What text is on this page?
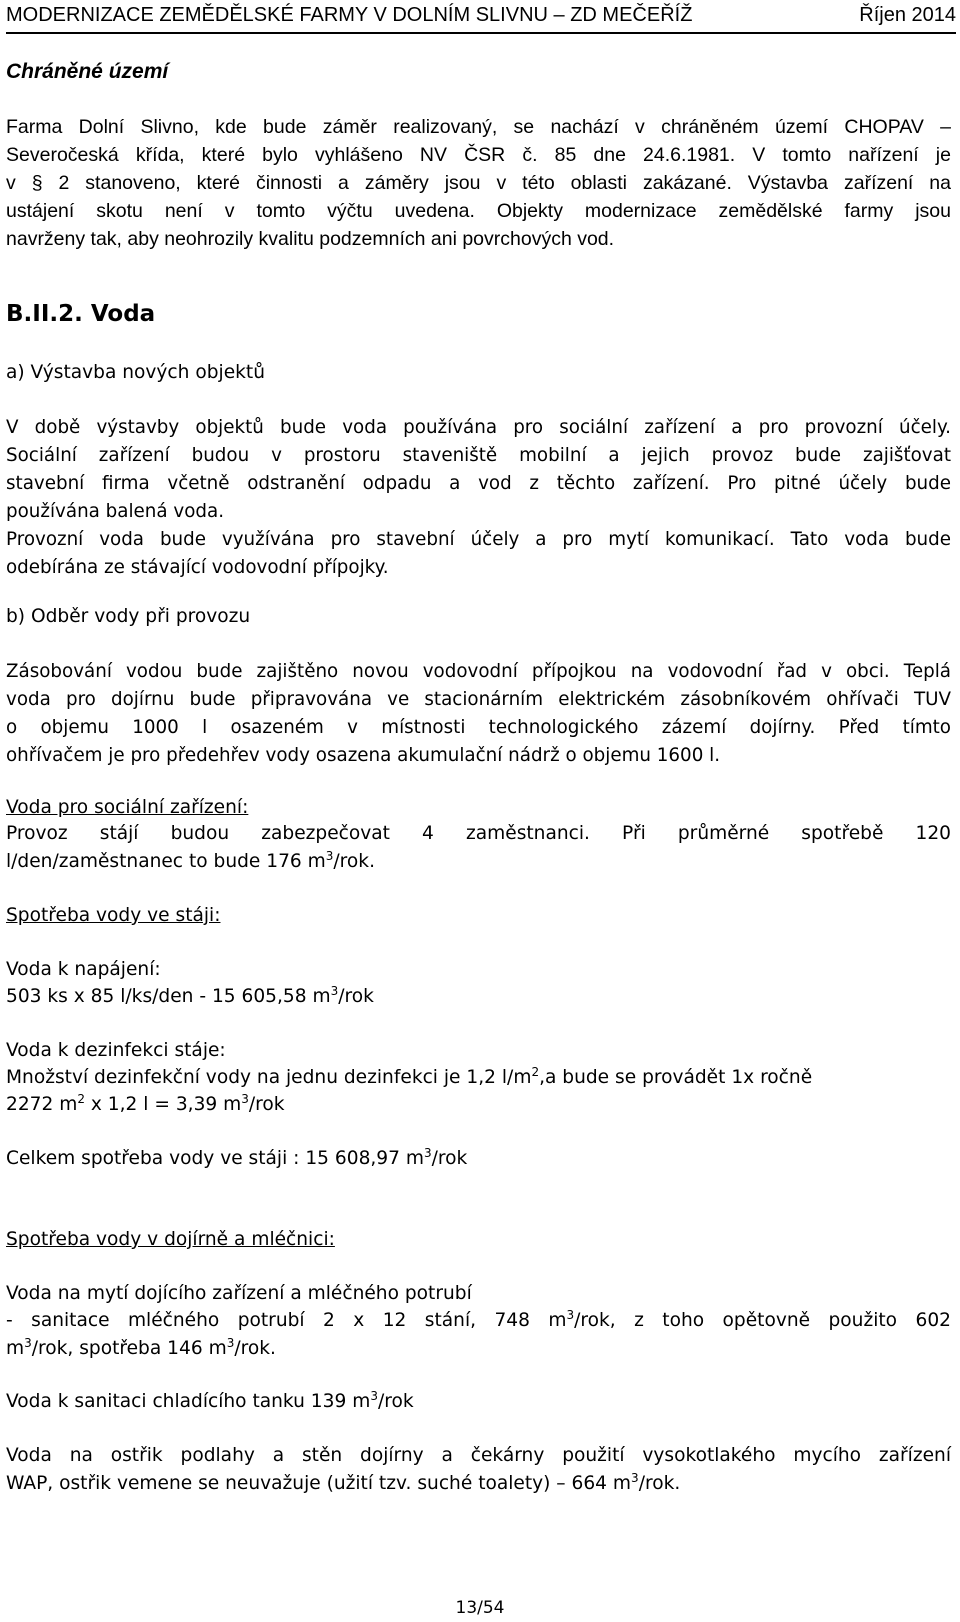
MODERNIZACE ZEMĚDĚLSKÉ FARMY V DOLNÍM SLIVNU – ZD MEČEŘÍŽ	Říjen 2014
Chráněné území
Farma Dolní Slivno, kde bude záměr realizovaný, se nachází v chráněném území CHOPAV –
Severočeská křída, které bylo vyhlášeno NV ČSR č. 85 dne 24.6.1981. V tomto nařízení je
v § 2 stanoveno, které činnosti a záměry jsou v této oblasti zakázané. Výstavba zařízení na
ustájení skotu není v tomto výčtu uvedena. Objekty modernizace zemědělské farmy jsou
navrženy tak, aby neohrozily kvalitu podzemních ani povrchových vod.
B.II.2. Voda
a) Výstavba nových objektů
V době výstavby objektů bude voda používána pro sociální zařízení a pro provozní účely.
Sociální zařízení budou v prostoru staveniště mobilní a jejich provoz bude zajišťovat
stavební firma včetně odstranění odpadu a vod z těchto zařízení. Pro pitné účely bude
používána balená voda.
Provozní voda bude využívána pro stavební účely a pro mytí komunikací. Tato voda bude
odebírána ze stávající vodovodní přípojky.
b) Odběr vody při provozu
Zásobování vodou bude zajištěno novou vodovodní přípojkou na vodovodní řad v obci. Teplá
voda pro dojírnu bude připravována ve stacionárním elektrickém zásobníkovém ohřívači TUV
o objemu 1000 l osazeném v místnosti technologického zázemí dojírny. Před tímto
ohřívačem je pro předehřev vody osazena akumulační nádrž o objemu 1600 l.
Voda pro sociální zařízení:
Provoz stájí budou zabezpečovat 4 zaměstnanci. Při průměrné spotřebě 120
l/den/zaměstnanec to bude 176 $m^3$/rok.
Spotřeba vody ve stáji:
Voda k napájení:
503 ks x 85 l/ks/den - 15 605,58 $m^3$/rok
Voda k dezinfekci stáje:
Množství dezinfekční vody na jednu dezinfekci je 1,2 $l/m^2,a$ bude se provádět 1x ročně
2272 $m^2$ x 1,2 l = 3,39 $m^3$/rok
Celkem spotřeba vody ve stáji : 15 608,97 $m^3$/rok
Spotřeba vody v dojírně a mléčnici:
Voda na mytí dojícího zařízení a mléčného potrubí
- sanitace mléčného potrubí 2 x 12 stání, 748 $m^3$/rok, z toho opětovně použito 602
$m^3$/rok, spotřeba 146 $m^3$/rok.
Voda k sanitaci chladícího tanku 139 $m^3$/rok
Voda na ostřik podlahy a stěn dojírny a čekárny použití vysokotlakého mycího zařízení
WAP, ostřik vemene se neuvažuje (užití tzv. suché toalety) – 664 $m^3$/rok.
13/54
